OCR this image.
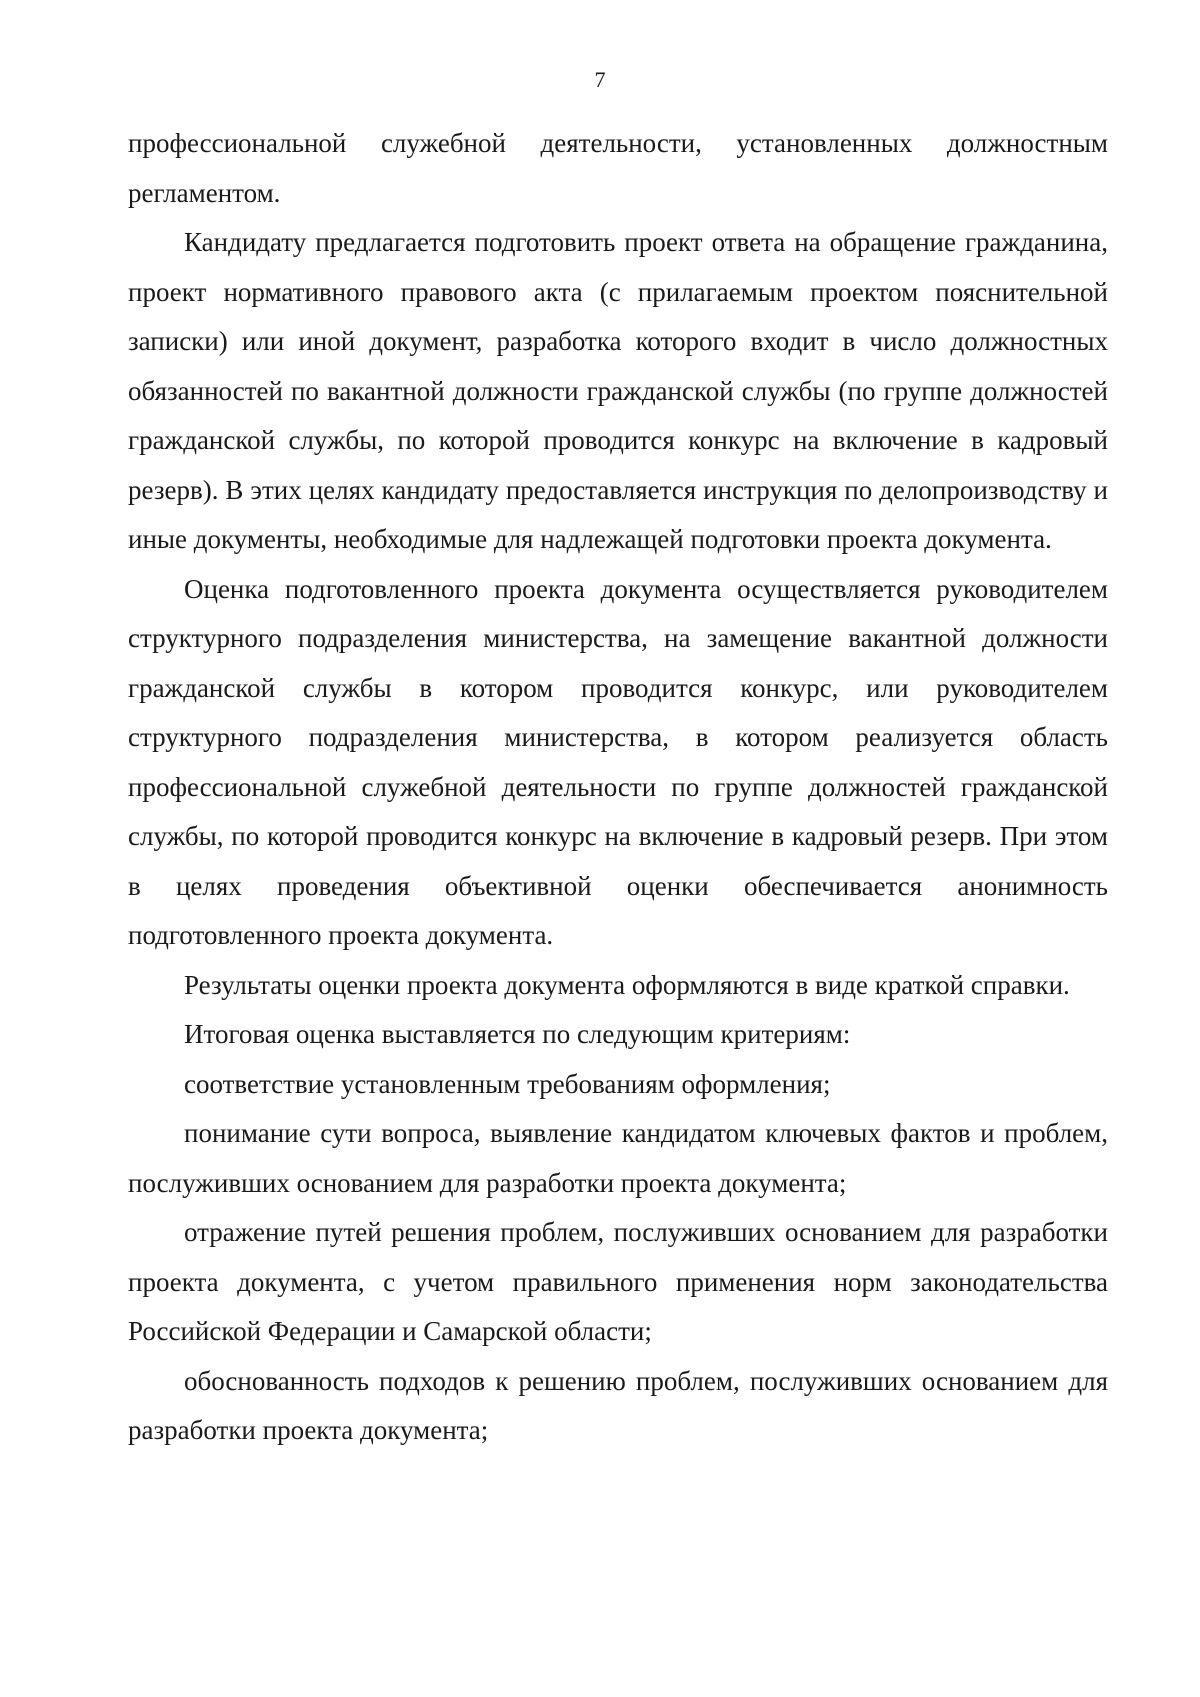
7

профессиональной служебной деятельности, установленных должностным регламентом.

Кандидату предлагается подготовить проект ответа на обращение гражданина, проект нормативного правового акта (с прилагаемым проектом пояснительной записки) или иной документ, разработка которого входит в число должностных обязанностей по вакантной должности гражданской службы (по группе должностей гражданской службы, по которой проводится конкурс на включение в кадровый резерв). В этих целях кандидату предоставляется инструкция по делопроизводству и иные документы, необходимые для надлежащей подготовки проекта документа.

Оценка подготовленного проекта документа осуществляется руководителем структурного подразделения министерства, на замещение вакантной должности гражданской службы в котором проводится конкурс, или руководителем структурного подразделения министерства, в котором реализуется область профессиональной служебной деятельности по группе должностей гражданской службы, по которой проводится конкурс на включение в кадровый резерв. При этом в целях проведения объективной оценки обеспечивается анонимность подготовленного проекта документа.

Результаты оценки проекта документа оформляются в виде краткой справки.

Итоговая оценка выставляется по следующим критериям:

соответствие установленным требованиям оформления;

понимание сути вопроса, выявление кандидатом ключевых фактов и проблем, послуживших основанием для разработки проекта документа;

отражение путей решения проблем, послуживших основанием для разработки проекта документа, с учетом правильного применения норм законодательства Российской Федерации и Самарской области;

обоснованность подходов к решению проблем, послуживших основанием для разработки проекта документа;
